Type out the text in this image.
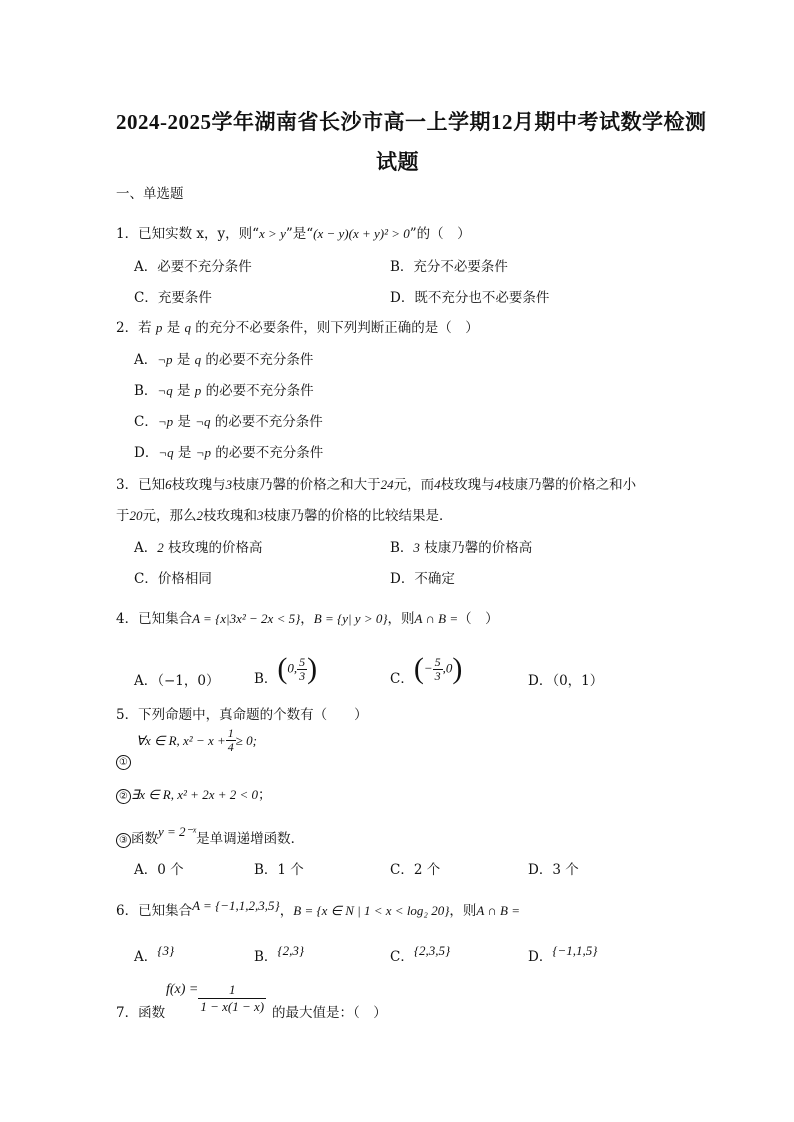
2024-2025学年湖南省长沙市高一上学期12月期中考试数学检测
试题
一、单选题
1．已知实数 x，y，则“x > y”是“(x − y)(x + y)² > 0”的（　）
A．必要不充分条件	B．充分不必要条件
C．充要条件	D．既不充分也不必要条件
2．若 p 是 q 的充分不必要条件，则下列判断正确的是（　）
A．¬p 是 q 的必要不充分条件
B．¬q 是 p 的必要不充分条件
C．¬p 是 ¬q 的必要不充分条件
D．¬q 是 ¬p 的必要不充分条件
3．已知6枝玫瑰与3枝康乃馨的价格之和大于24元，而4枝玫瑰与4枝康乃馨的价格之和小
于20元，那么2枝玫瑰和3枝康乃馨的价格的比较结果是．
A．2 枝玫瑰的价格高	B．3 枝康乃馨的价格高
C．价格相同	D．不确定
4．已知集合A = {x|3x² − 2x < 5}，B = {y| y > 0}，则A ∩ B =（　）
A．（−1，0）	B．(0, $\frac{5}{3}$ )	C．(− $\frac{5}{3} ,0$)	D．（0，1）
5．下列命题中，真命题的个数有（　　）
① $^{\forall x \in R, x^2 - x +} \frac{1}{4} ^{\ge 0;}$
② ∃x ∈ R, x² + 2x + 2 < 0；
③ 函数y = 2⁻ˣ是单调递增函数．
A．0 个	B．1 个	C．2 个	D．3 个
6．已知集合A = {−1,1,2,3,5}，B = {x ∈ N | 1 < x < log₂ 20}，则A ∩ B =
A．{3}	B．{2,3}	C．{2,3,5}	D．{−1,1,5}
7．函数
$f(x) = \frac{1}{1 - x(1 - x)}$ 的最大值是：（　）
